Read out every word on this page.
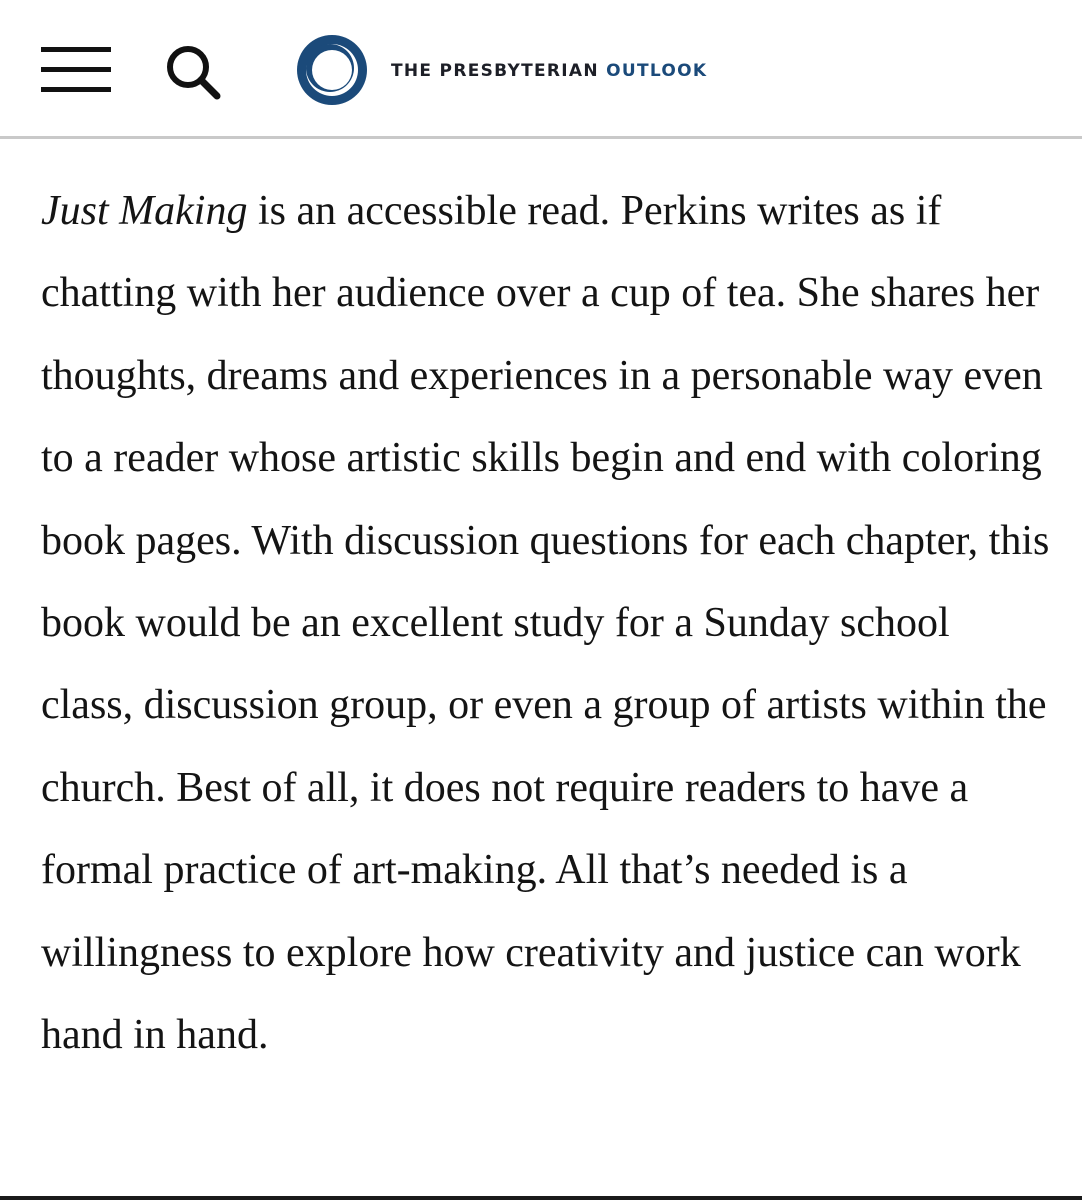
THE PRESBYTERIAN OUTLOOK

Just Making is an accessible read. Perkins writes as if chatting with her audience over a cup of tea. She shares her thoughts, dreams and experiences in a personable way even to a reader whose artistic skills begin and end with coloring book pages. With discussion questions for each chapter, this book would be an excellent study for a Sunday school class, discussion group, or even a group of artists within the church. Best of all, it does not require readers to have a formal practice of art-making. All that’s needed is a willingness to explore how creativity and justice can work hand in hand.
